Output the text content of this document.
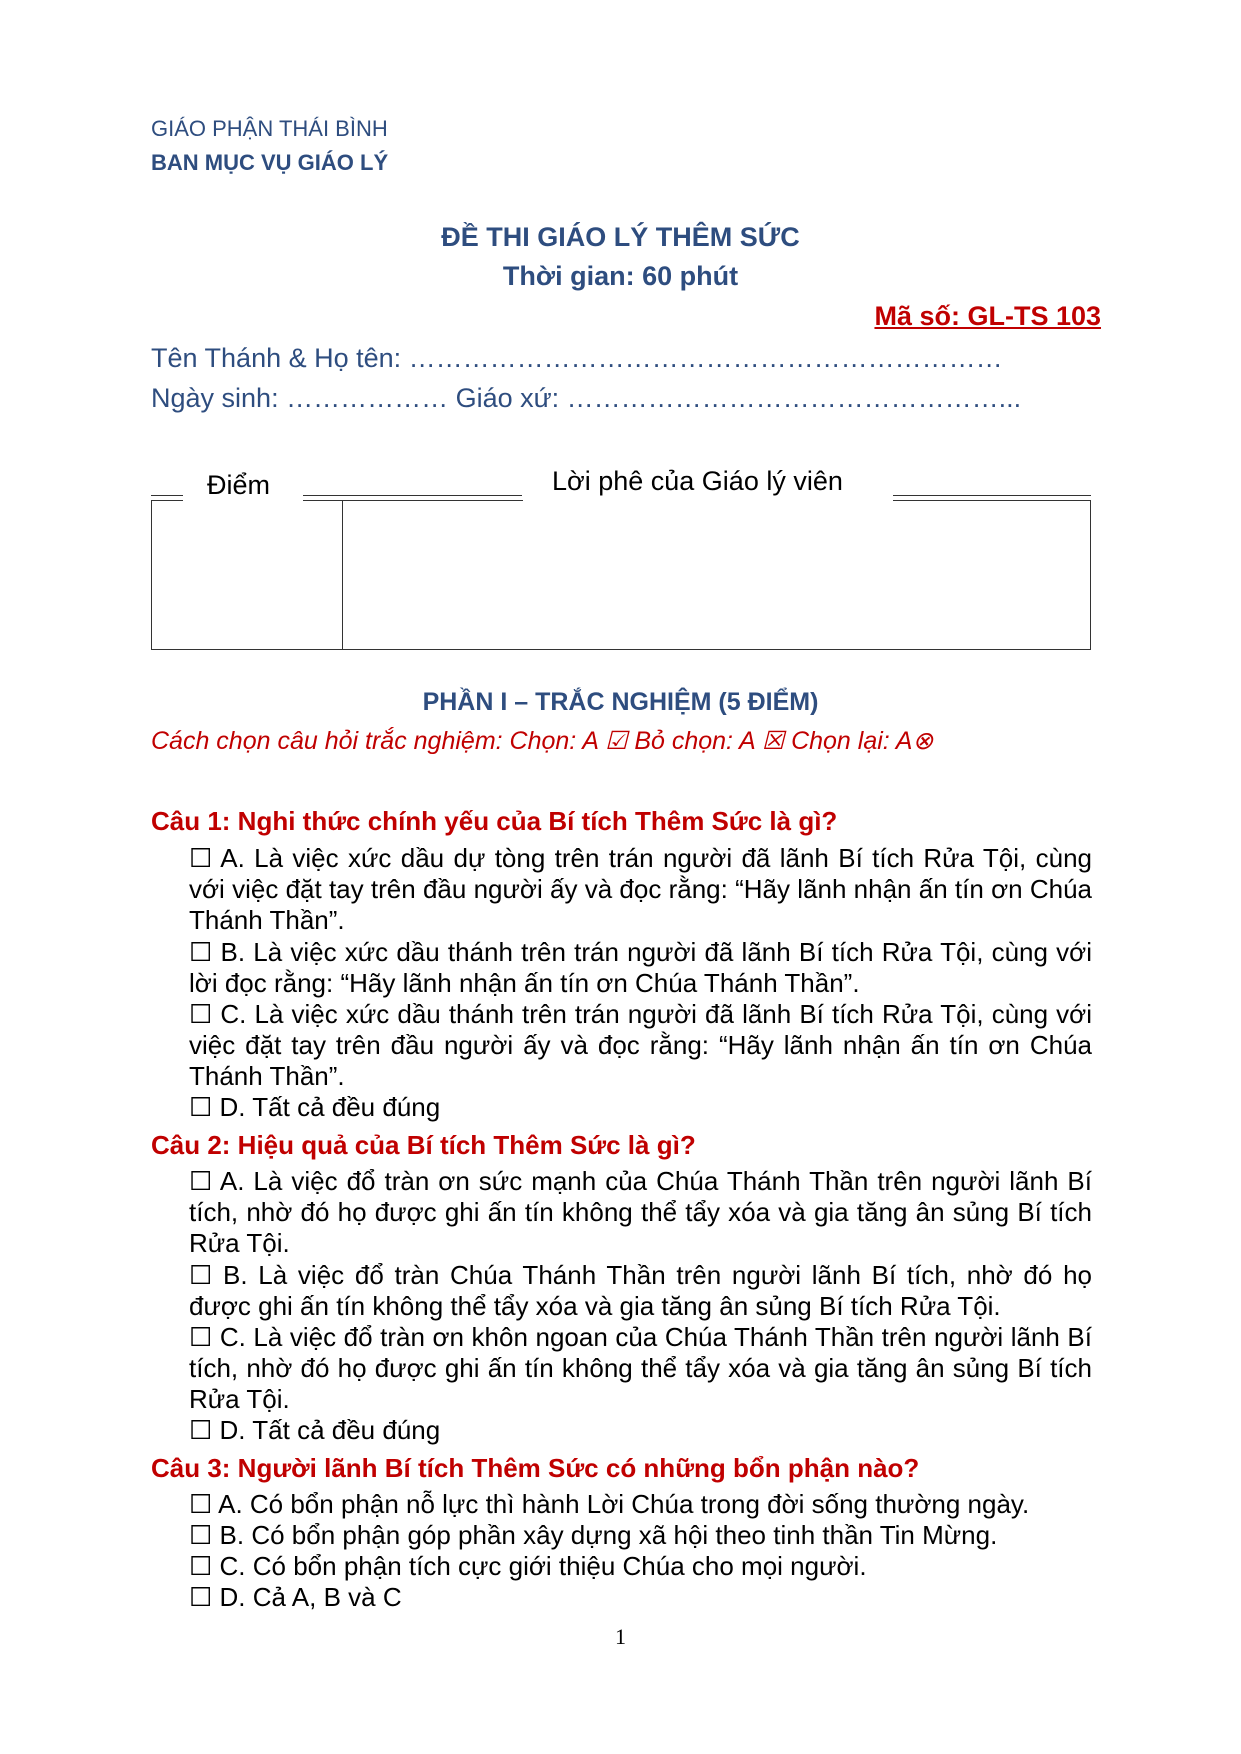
GIÁO PHẬN THÁI BÌNH
BAN MỤC VỤ GIÁO LÝ
ĐỀ THI GIÁO LÝ THÊM SỨC
Thời gian: 60 phút
Mã số: GL-TS 103
Tên Thánh & Họ tên: …………………………………………………………
Ngày sinh: ……………… Giáo xứ: …………………………………………...
Điểm	Lời phê của Giáo lý viên
PHẦN I – TRẮC NGHIỆM (5 ĐIỂM)
Cách chọn câu hỏi trắc nghiệm: Chọn: A ☑ Bỏ chọn: A ☒ Chọn lại: A⊗
Câu 1: Nghi thức chính yếu của Bí tích Thêm Sức là gì?
☐ A. Là việc xức dầu dự tòng trên trán người đã lãnh Bí tích Rửa Tội, cùng với việc đặt tay trên đầu người ấy và đọc rằng: “Hãy lãnh nhận ấn tín ơn Chúa Thánh Thần”.
☐ B. Là việc xức dầu thánh trên trán người đã lãnh Bí tích Rửa Tội, cùng với lời đọc rằng: “Hãy lãnh nhận ấn tín ơn Chúa Thánh Thần”.
☐ C. Là việc xức dầu thánh trên trán người đã lãnh Bí tích Rửa Tội, cùng với việc đặt tay trên đầu người ấy và đọc rằng: “Hãy lãnh nhận ấn tín ơn Chúa Thánh Thần”.
☐ D. Tất cả đều đúng
Câu 2: Hiệu quả của Bí tích Thêm Sức là gì?
☐ A. Là việc đổ tràn ơn sức mạnh của Chúa Thánh Thần trên người lãnh Bí tích, nhờ đó họ được ghi ấn tín không thể tẩy xóa và gia tăng ân sủng Bí tích Rửa Tội.
☐ B. Là việc đổ tràn Chúa Thánh Thần trên người lãnh Bí tích, nhờ đó họ được ghi ấn tín không thể tẩy xóa và gia tăng ân sủng Bí tích Rửa Tội.
☐ C. Là việc đổ tràn ơn khôn ngoan của Chúa Thánh Thần trên người lãnh Bí tích, nhờ đó họ được ghi ấn tín không thể tẩy xóa và gia tăng ân sủng Bí tích Rửa Tội.
☐ D. Tất cả đều đúng
Câu 3: Người lãnh Bí tích Thêm Sức có những bổn phận nào?
☐ A. Có bổn phận nỗ lực thì hành Lời Chúa trong đời sống thường ngày.
☐ B. Có bổn phận góp phần xây dựng xã hội theo tinh thần Tin Mừng.
☐ C. Có bổn phận tích cực giới thiệu Chúa cho mọi người.
☐ D. Cả A, B và C
1
